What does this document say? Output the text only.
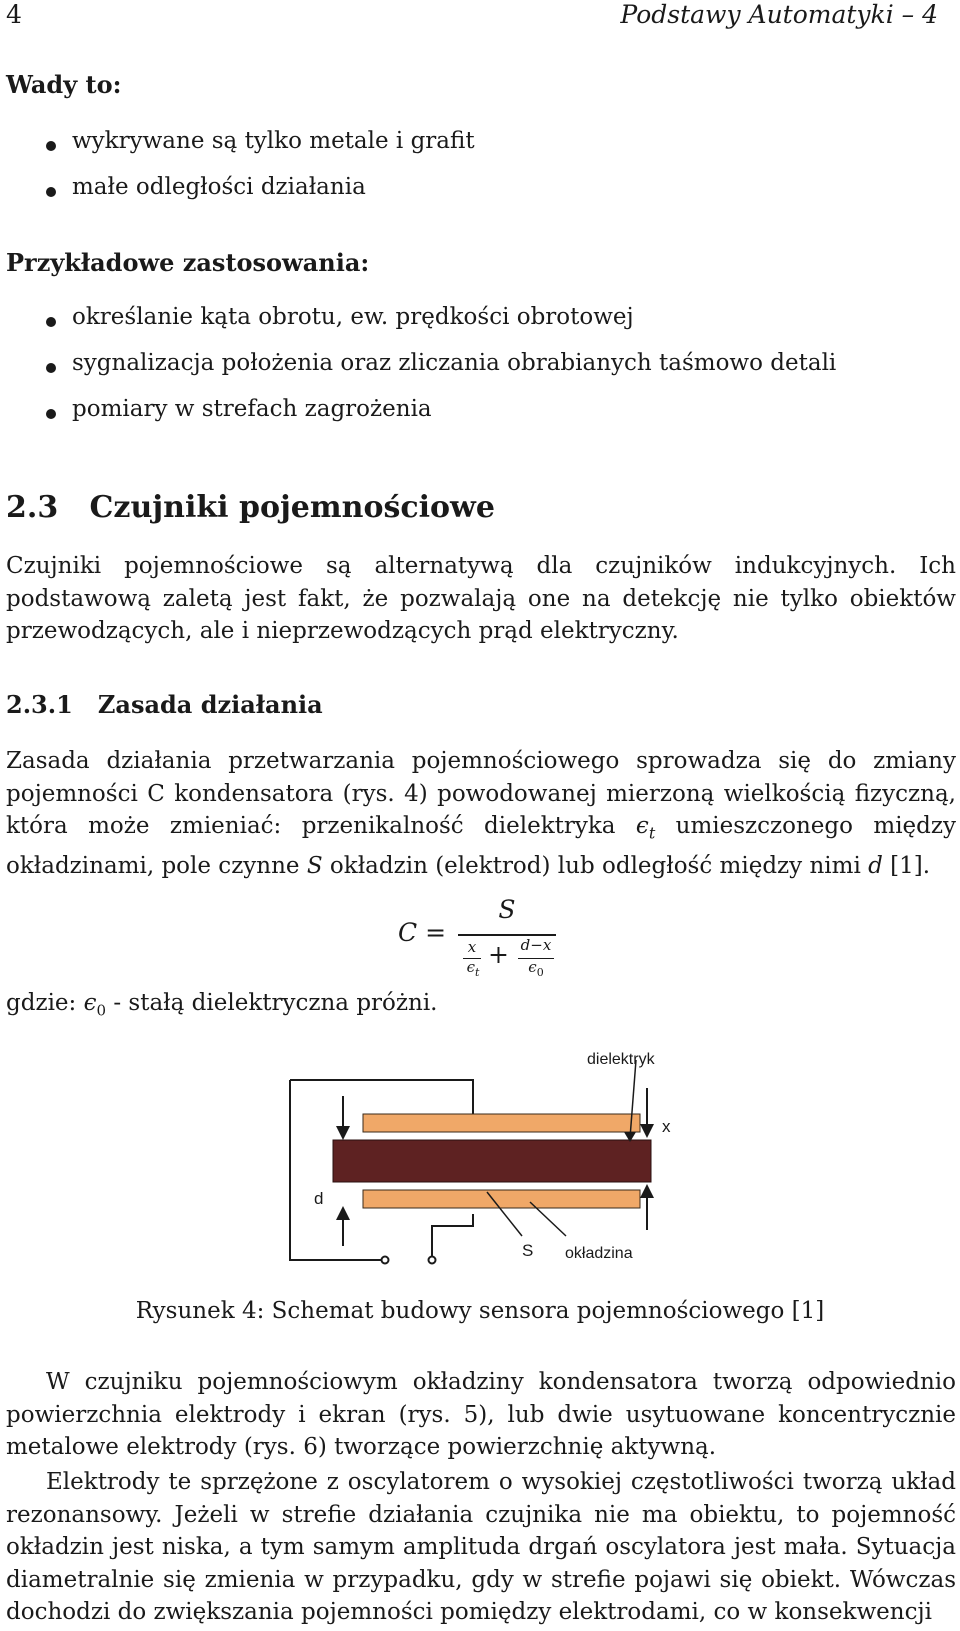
4	Podstawy Automatyki – 4
Wady to:
wykrywane są tylko metale i grafit
małe odległości działania
Przykładowe zastosowania:
określanie kąta obrotu, ew. prędkości obrotowej
sygnalizacja położenia oraz zliczania obrabianych taśmowo detali
pomiary w strefach zagrożenia
2.3 Czujniki pojemnościowe
Czujniki pojemnościowe są alternatywą dla czujników indukcyjnych. Ich podstawową zaletą jest fakt, że pozwalają one na detekcję nie tylko obiektów przewodzących, ale i nieprzewodzących prąd elektryczny.
2.3.1 Zasada działania
Zasada działania przetwarzania pojemnościowego sprowadza się do zmiany pojemności C kondensatora (rys. 4) powodowanej mierzoną wielkością fizyczną, która może zmieniać: przenikalność dielektryka $\epsilon_t$ umieszczonego między okładzinami, pole czynne S okładzin (elektrod) lub odległość między nimi d [1].
C =
S
x
$\epsilon_t$
+ d−x
$\epsilon_0$
gdzie: $\epsilon_0$ - stałą dielektryczna próżni.
dielektryk
x
d
S okładzina
Rysunek 4: Schemat budowy sensora pojemnościowego [1]
W czujniku pojemnościowym okładziny kondensatora tworzą odpowiednio powierzchnia elektrody i ekran (rys. 5), lub dwie usytuowane koncentrycznie metalowe elektrody (rys. 6) tworzące powierzchnię aktywną.
Elektrody te sprzężone z oscylatorem o wysokiej częstotliwości tworzą układ rezonansowy. Jeżeli w strefie działania czujnika nie ma obiektu, to pojemność okładzin jest niska, a tym samym amplituda drgań oscylatora jest mała. Sytuacja diametralnie się zmienia w przypadku, gdy w strefie pojawi się obiekt. Wówczas dochodzi do zwiększania pojemności pomiędzy elektrodami, co w konsekwencji
